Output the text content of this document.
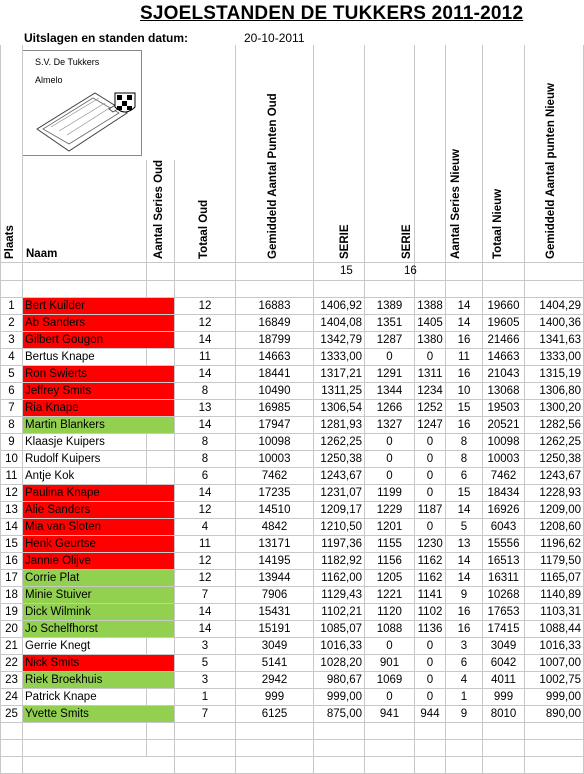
SJOELSTANDEN DE TUKKERS 2011-2012
Uitslagen en standen datum:	20-10-2011
S.V. De Tukkers
Almelo
Plaats Naam	Aantal Series Oud	Totaal Oud	Gemiddeld Aantal Punten Oud	SERIE	SERIE	Aantal Series Nieuw	Totaal Nieuw	Gemiddeld Aantal punten Nieuw
15	16
1	Bert Kuilder	12	16883	1406,92	1389	1388	14	19660	1404,29
2	Ab Sanders	12	16849	1404,08	1351	1405	14	19605	1400,36
3	Gilbert Gougon	14	18799	1342,79	1287	1380	16	21466	1341,63
4	Bertus Knape	11	14663	1333,00	0	0	11	14663	1333,00
5	Ron Swierts	14	18441	1317,21	1291	1311	16	21043	1315,19
6	Jeffrey Smits	8	10490	1311,25	1344	1234	10	13068	1306,80
7	Ria Knape	13	16985	1306,54	1266	1252	15	19503	1300,20
8	Martin Blankers	14	17947	1281,93	1327	1247	16	20521	1282,56
9	Klaasje Kuipers	8	10098	1262,25	0	0	8	10098	1262,25
10	Rudolf Kuipers	8	10003	1250,38	0	0	8	10003	1250,38
11	Antje Kok	6	7462	1243,67	0	0	6	7462	1243,67
12	Paulina Knape	14	17235	1231,07	1199	0	15	18434	1228,93
13	Alie Sanders	12	14510	1209,17	1229	1187	14	16926	1209,00
14	Mia van Sloten	4	4842	1210,50	1201	0	5	6043	1208,60
15	Henk Geurtse	11	13171	1197,36	1155	1230	13	15556	1196,62
16	Jannie Olijve	12	14195	1182,92	1156	1162	14	16513	1179,50
17	Corrie Plat	12	13944	1162,00	1205	1162	14	16311	1165,07
18	Minie Stuiver	7	7906	1129,43	1221	1141	9	10268	1140,89
19	Dick Wilmink	14	15431	1102,21	1120	1102	16	17653	1103,31
20	Jo Schelfhorst	14	15191	1085,07	1088	1136	16	17415	1088,44
21	Gerrie Knegt	3	3049	1016,33	0	0	3	3049	1016,33
22	Nick Smits	5	5141	1028,20	901	0	6	6042	1007,00
23	Riek Broekhuis	3	2942	980,67	1069	0	4	4011	1002,75
24	Patrick Knape	1	999	999,00	0	0	1	999	999,00
25	Yvette Smits	7	6125	875,00	941	944	9	8010	890,00
